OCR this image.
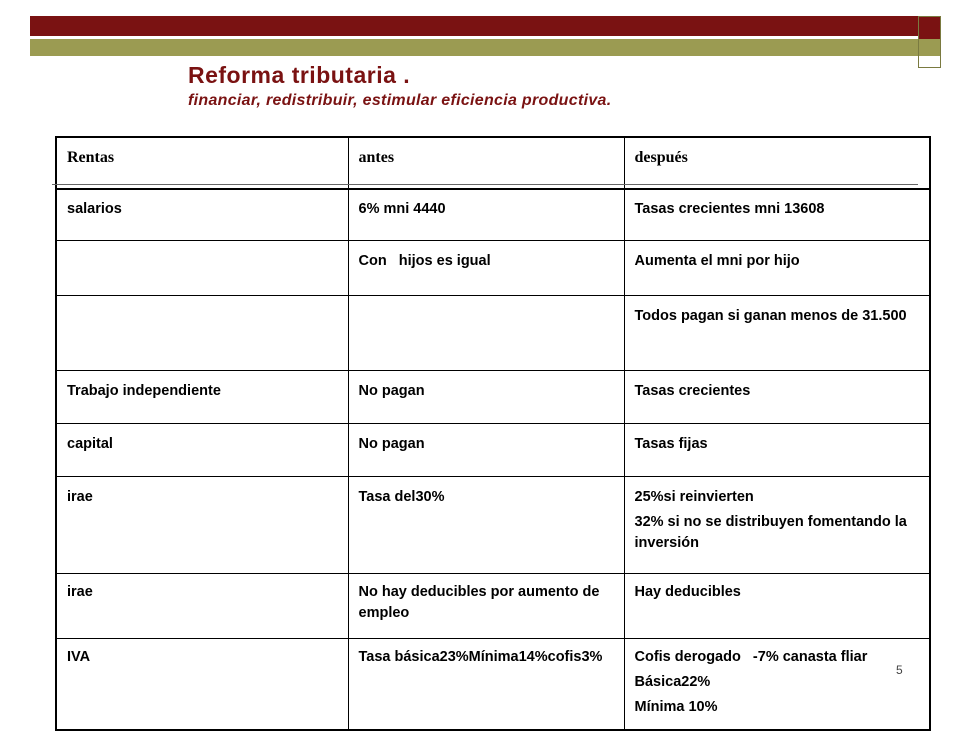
Reforma tributaria .
financiar, redistribuir, estimular eficiencia productiva.
Rentas	antes	después
salarios	6% mni 4440	Tasas crecientes mni 13608

	Con   hijos es igual	Aumenta el mni por hijo

		Todos pagan si ganan menos de 31.500

Trabajo independiente	No pagan	Tasas crecientes

capital	No pagan	Tasas fijas

irae	Tasa del30%	25%si reinvierten
32% si no se distribuyen fomentando la inversión

irae	No hay deducibles por aumento de empleo	Hay deducibles

IVA	Tasa básica23%Mínima14%cofis3%	Cofis derogado   -7% canasta fliar
Básica22%
Mínima 10%
5
